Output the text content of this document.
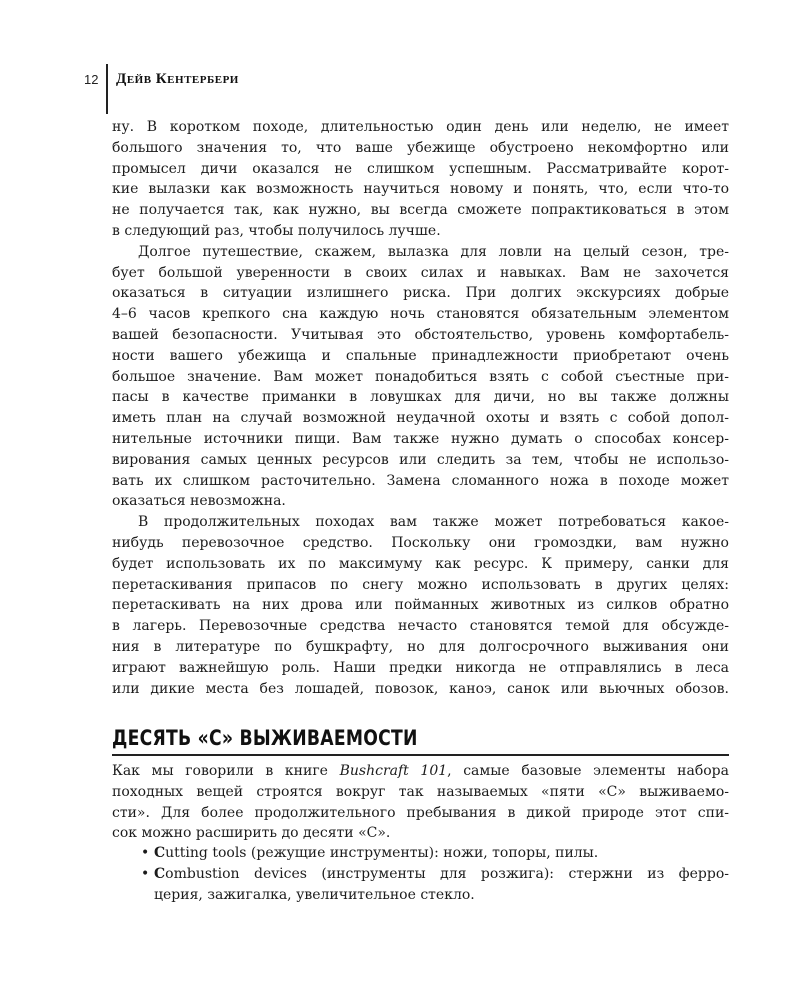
12 Дейв Кентербери
ну. В коротком походе, длительностью один день или неделю, не имеет
большого значения то, что ваше убежище обустроено некомфортно или
промысел дичи оказался не слишком успешным. Рассматривайте корот-
кие вылазки как возможность научиться новому и понять, что, если что-то
не получается так, как нужно, вы всегда сможете попрактиковаться в этом
в следующий раз, чтобы получилось лучше.
Долгое путешествие, скажем, вылазка для ловли на целый сезон, тре-
бует большой уверенности в своих силах и навыках. Вам не захочется
оказаться в ситуации излишнего риска. При долгих экскурсиях добрые
4–6 часов крепкого сна каждую ночь становятся обязательным элементом
вашей безопасности. Учитывая это обстоятельство, уровень комфортабель-
ности вашего убежища и спальные принадлежности приобретают очень
большое значение. Вам может понадобиться взять с собой съестные при-
пасы в качестве приманки в ловушках для дичи, но вы также должны
иметь план на случай возможной неудачной охоты и взять с собой допол-
нительные источники пищи. Вам также нужно думать о способах консер-
вирования самых ценных ресурсов или следить за тем, чтобы не использо-
вать их слишком расточительно. Замена сломанного ножа в походе может
оказаться невозможна.
В продолжительных походах вам также может потребоваться какое-
нибудь перевозочное средство. Поскольку они громоздки, вам нужно
будет использовать их по максимуму как ресурс. К примеру, санки для
перетаскивания припасов по снегу можно использовать в других целях:
перетаскивать на них дрова или пойманных животных из силков обратно
в лагерь. Перевозочные средства нечасто становятся темой для обсужде-
ния в литературе по бушкрафту, но для долгосрочного выживания они
играют важнейшую роль. Наши предки никогда не отправлялись в леса
или дикие места без лошадей, повозок, каноэ, санок или вьючных обозов.
ДЕСЯТЬ «С» ВЫЖИВАЕМОСТИ
Как мы говорили в книге Bushcraft 101, самые базовые элементы набора
походных вещей строятся вокруг так называемых «пяти «С» выживаемо-
сти». Для более продолжительного пребывания в дикой природе этот спи-
сок можно расширить до десяти «С».
• Cutting tools (режущие инструменты): ножи, топоры, пилы.
• Combustion devices (инструменты для розжига): стержни из ферро-
церия, зажигалка, увеличительное стекло.
